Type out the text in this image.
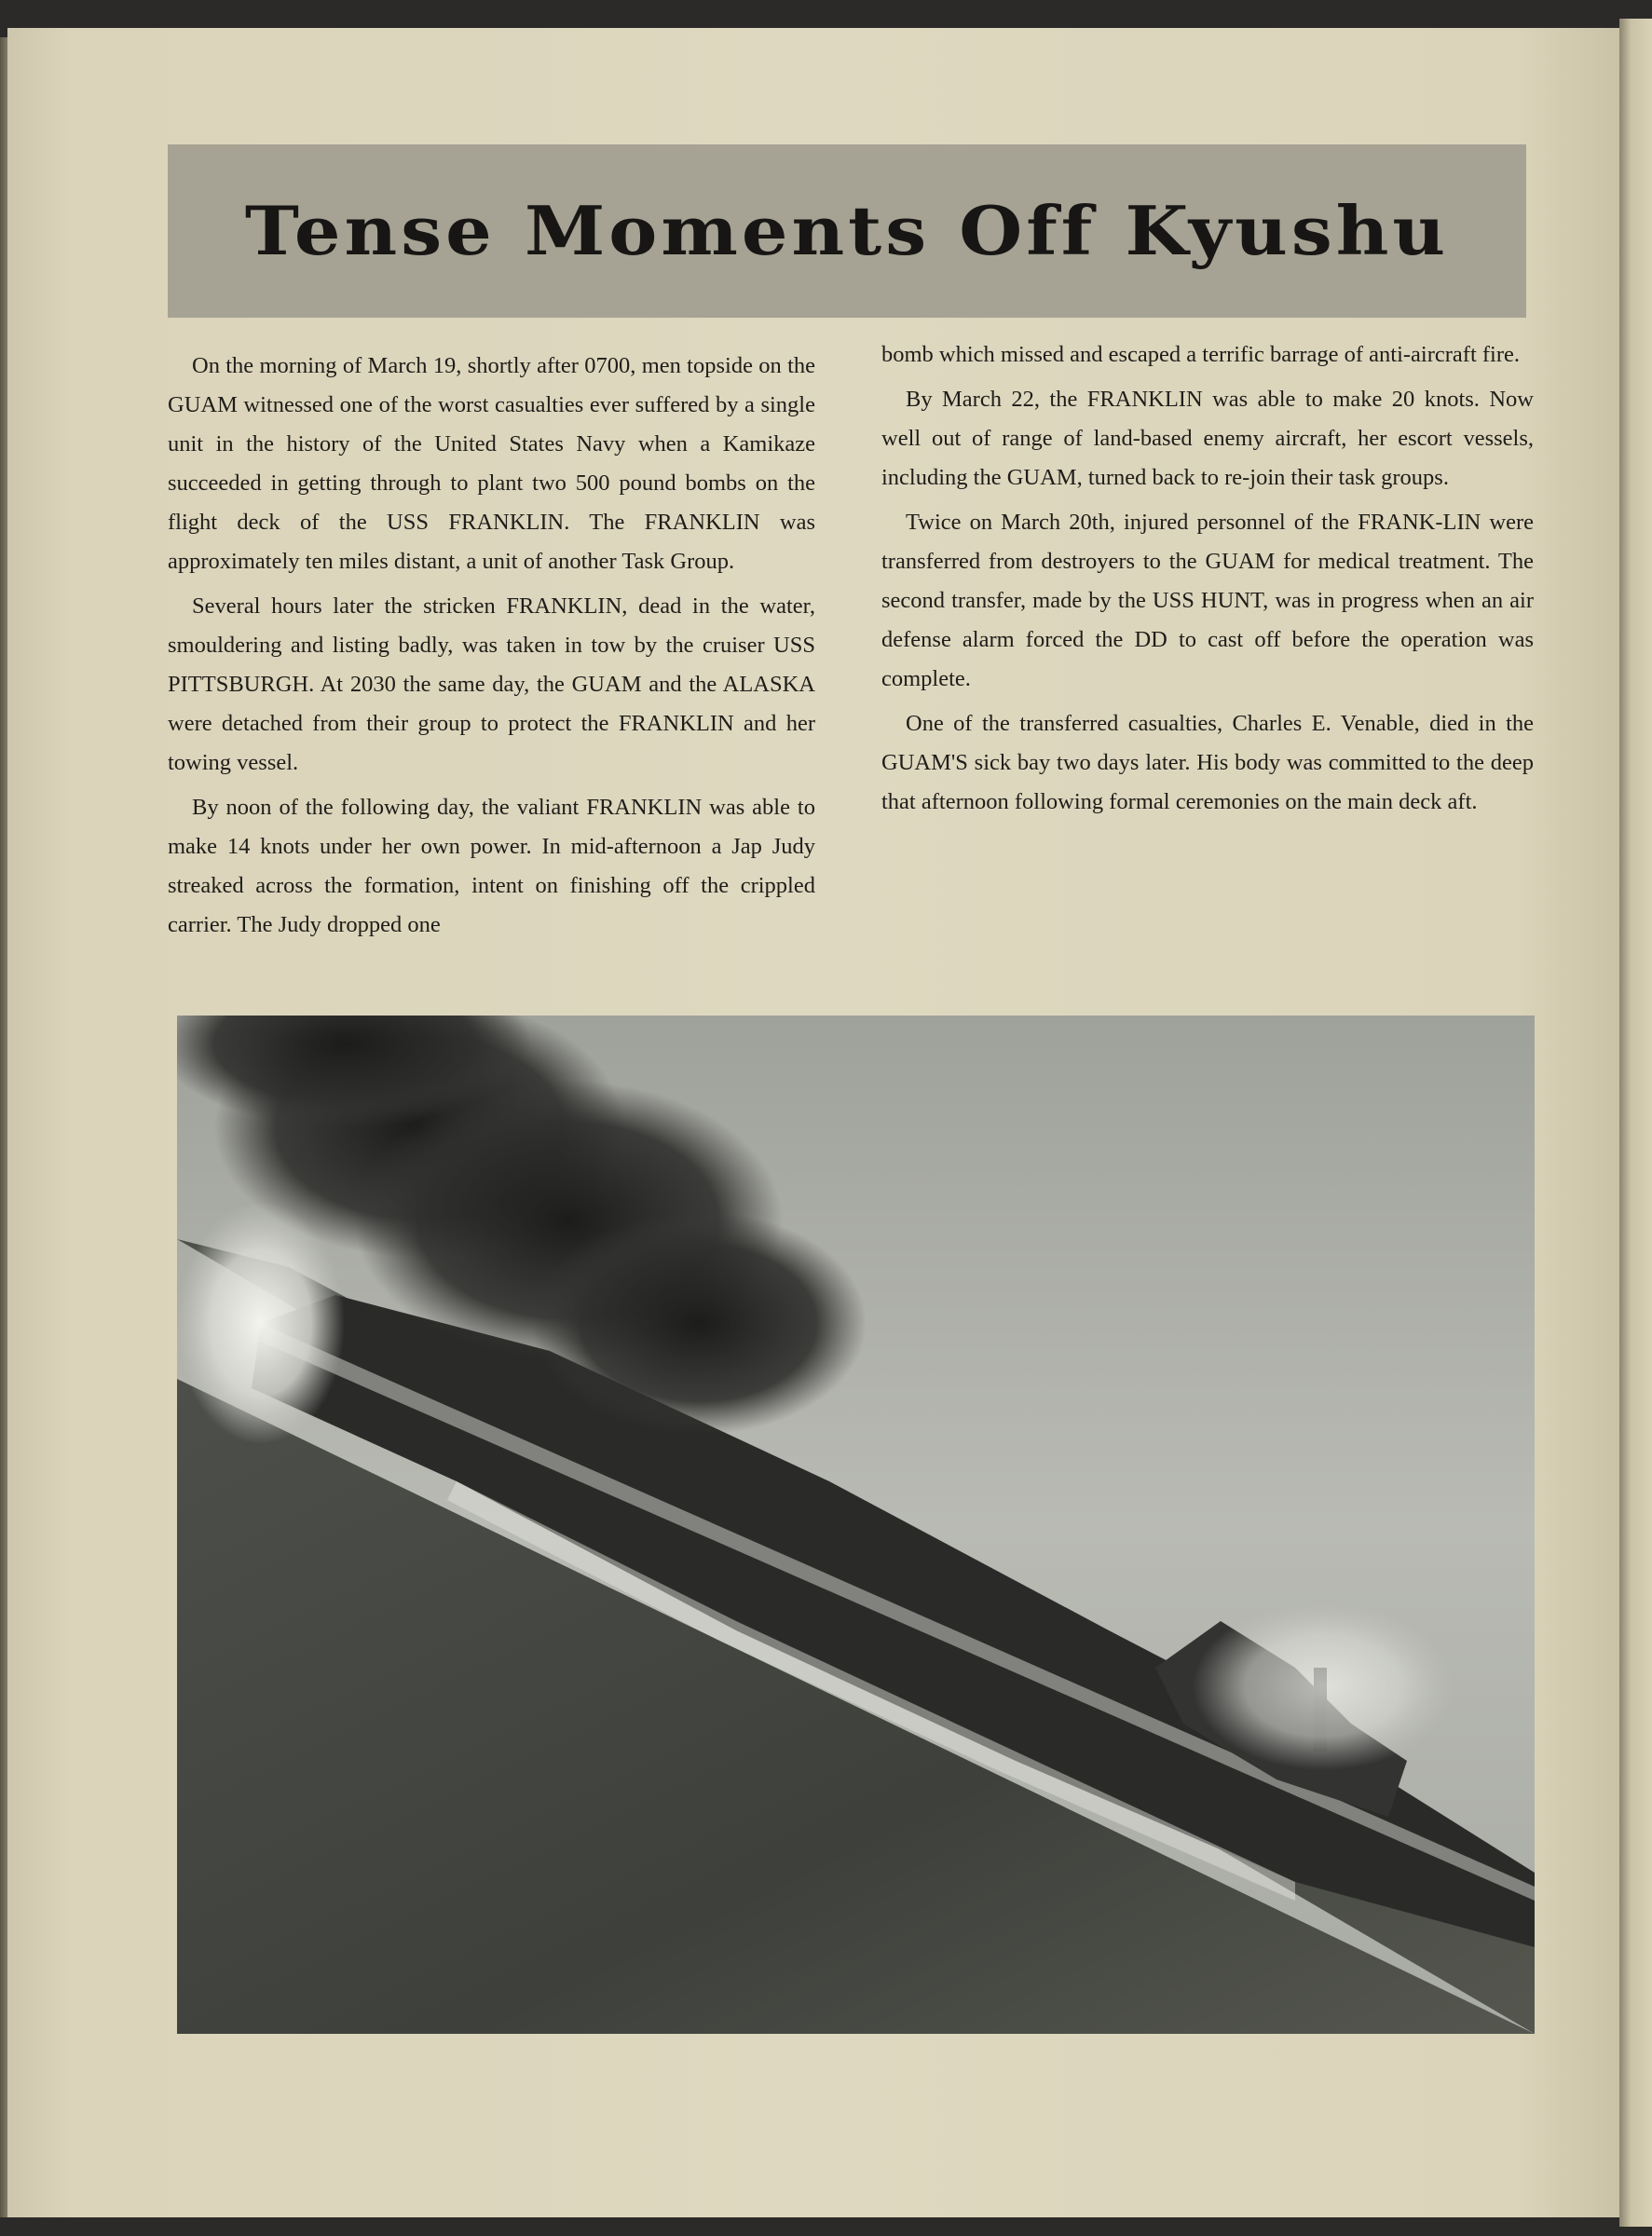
Tense Moments Off Kyushu

On the morning of March 19, shortly after 0700, men topside on the GUAM witnessed one of the worst casualties ever suffered by a single unit in the history of the United States Navy when a Kamikaze succeeded in getting through to plant two 500 pound bombs on the flight deck of the USS FRANKLIN. The FRANKLIN was approximately ten miles distant, a unit of another Task Group.

Several hours later the stricken FRANKLIN, dead in the water, smouldering and listing badly, was taken in tow by the cruiser USS PITTSBURGH. At 2030 the same day, the GUAM and the ALASKA were detached from their group to protect the FRANKLIN and her towing vessel.

By noon of the following day, the valiant FRANKLIN was able to make 14 knots under her own power. In mid-afternoon a Jap Judy streaked across the formation, intent on finishing off the crippled carrier. The Judy dropped one

bomb which missed and escaped a terrific barrage of anti-aircraft fire.

By March 22, the FRANKLIN was able to make 20 knots. Now well out of range of land-based enemy aircraft, her escort vessels, including the GUAM, turned back to re-join their task groups.

Twice on March 20th, injured personnel of the FRANK-LIN were transferred from destroyers to the GUAM for medical treatment. The second transfer, made by the USS HUNT, was in progress when an air defense alarm forced the DD to cast off before the operation was complete.

One of the transferred casualties, Charles E. Venable, died in the GUAM'S sick bay two days later. His body was committed to the deep that afternoon following formal ceremonies on the main deck aft.
